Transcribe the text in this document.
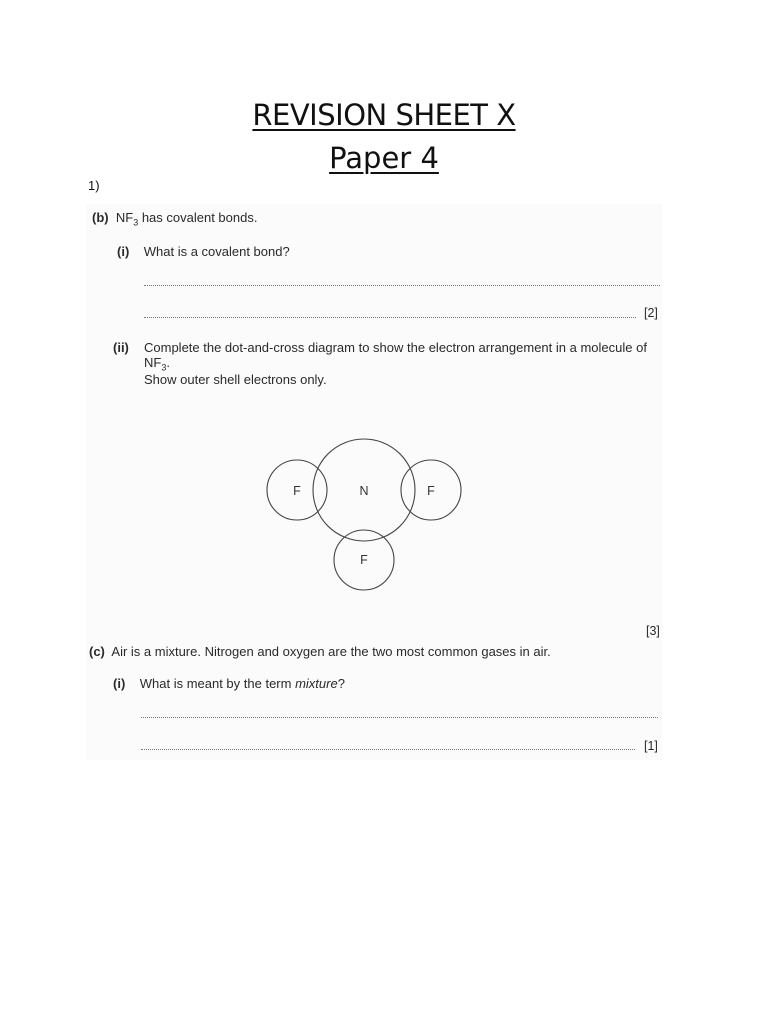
REVISION SHEET X
Paper 4
1)
(b) $NF_3$ has covalent bonds.
(i) What is a covalent bond?
[2]
(ii) Complete the dot-and-cross diagram to show the electron arrangement in a molecule of
$NF_3$.
Show outer shell electrons only.
N
F	F
F
[3]
(c) Air is a mixture. Nitrogen and oxygen are the two most common gases in air.
(i) What is meant by the term mixture?
[1]
